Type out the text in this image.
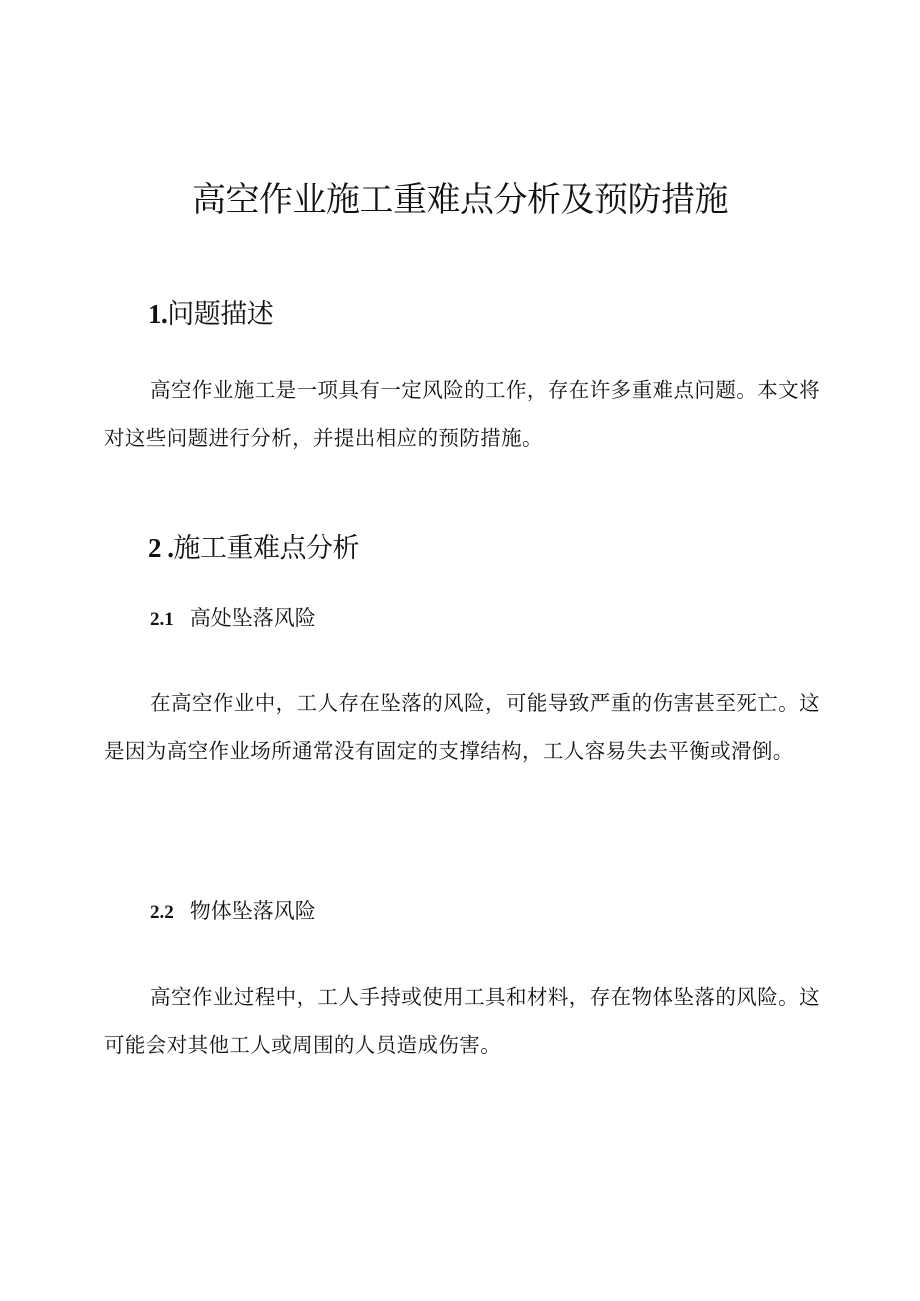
高空作业施工重难点分析及预防措施
1.问题描述

高空作业施工是一项具有一定风险的工作，存在许多重难点问题。本文将对这些问题进行分析，并提出相应的预防措施。

2 .施工重难点分析
2.1 高处坠落风险

在高空作业中，工人存在坠落的风险，可能导致严重的伤害甚至死亡。这是因为高空作业场所通常没有固定的支撑结构，工人容易失去平衡或滑倒。

2.2 物体坠落风险

高空作业过程中，工人手持或使用工具和材料，存在物体坠落的风险。这可能会对其他工人或周围的人员造成伤害。
